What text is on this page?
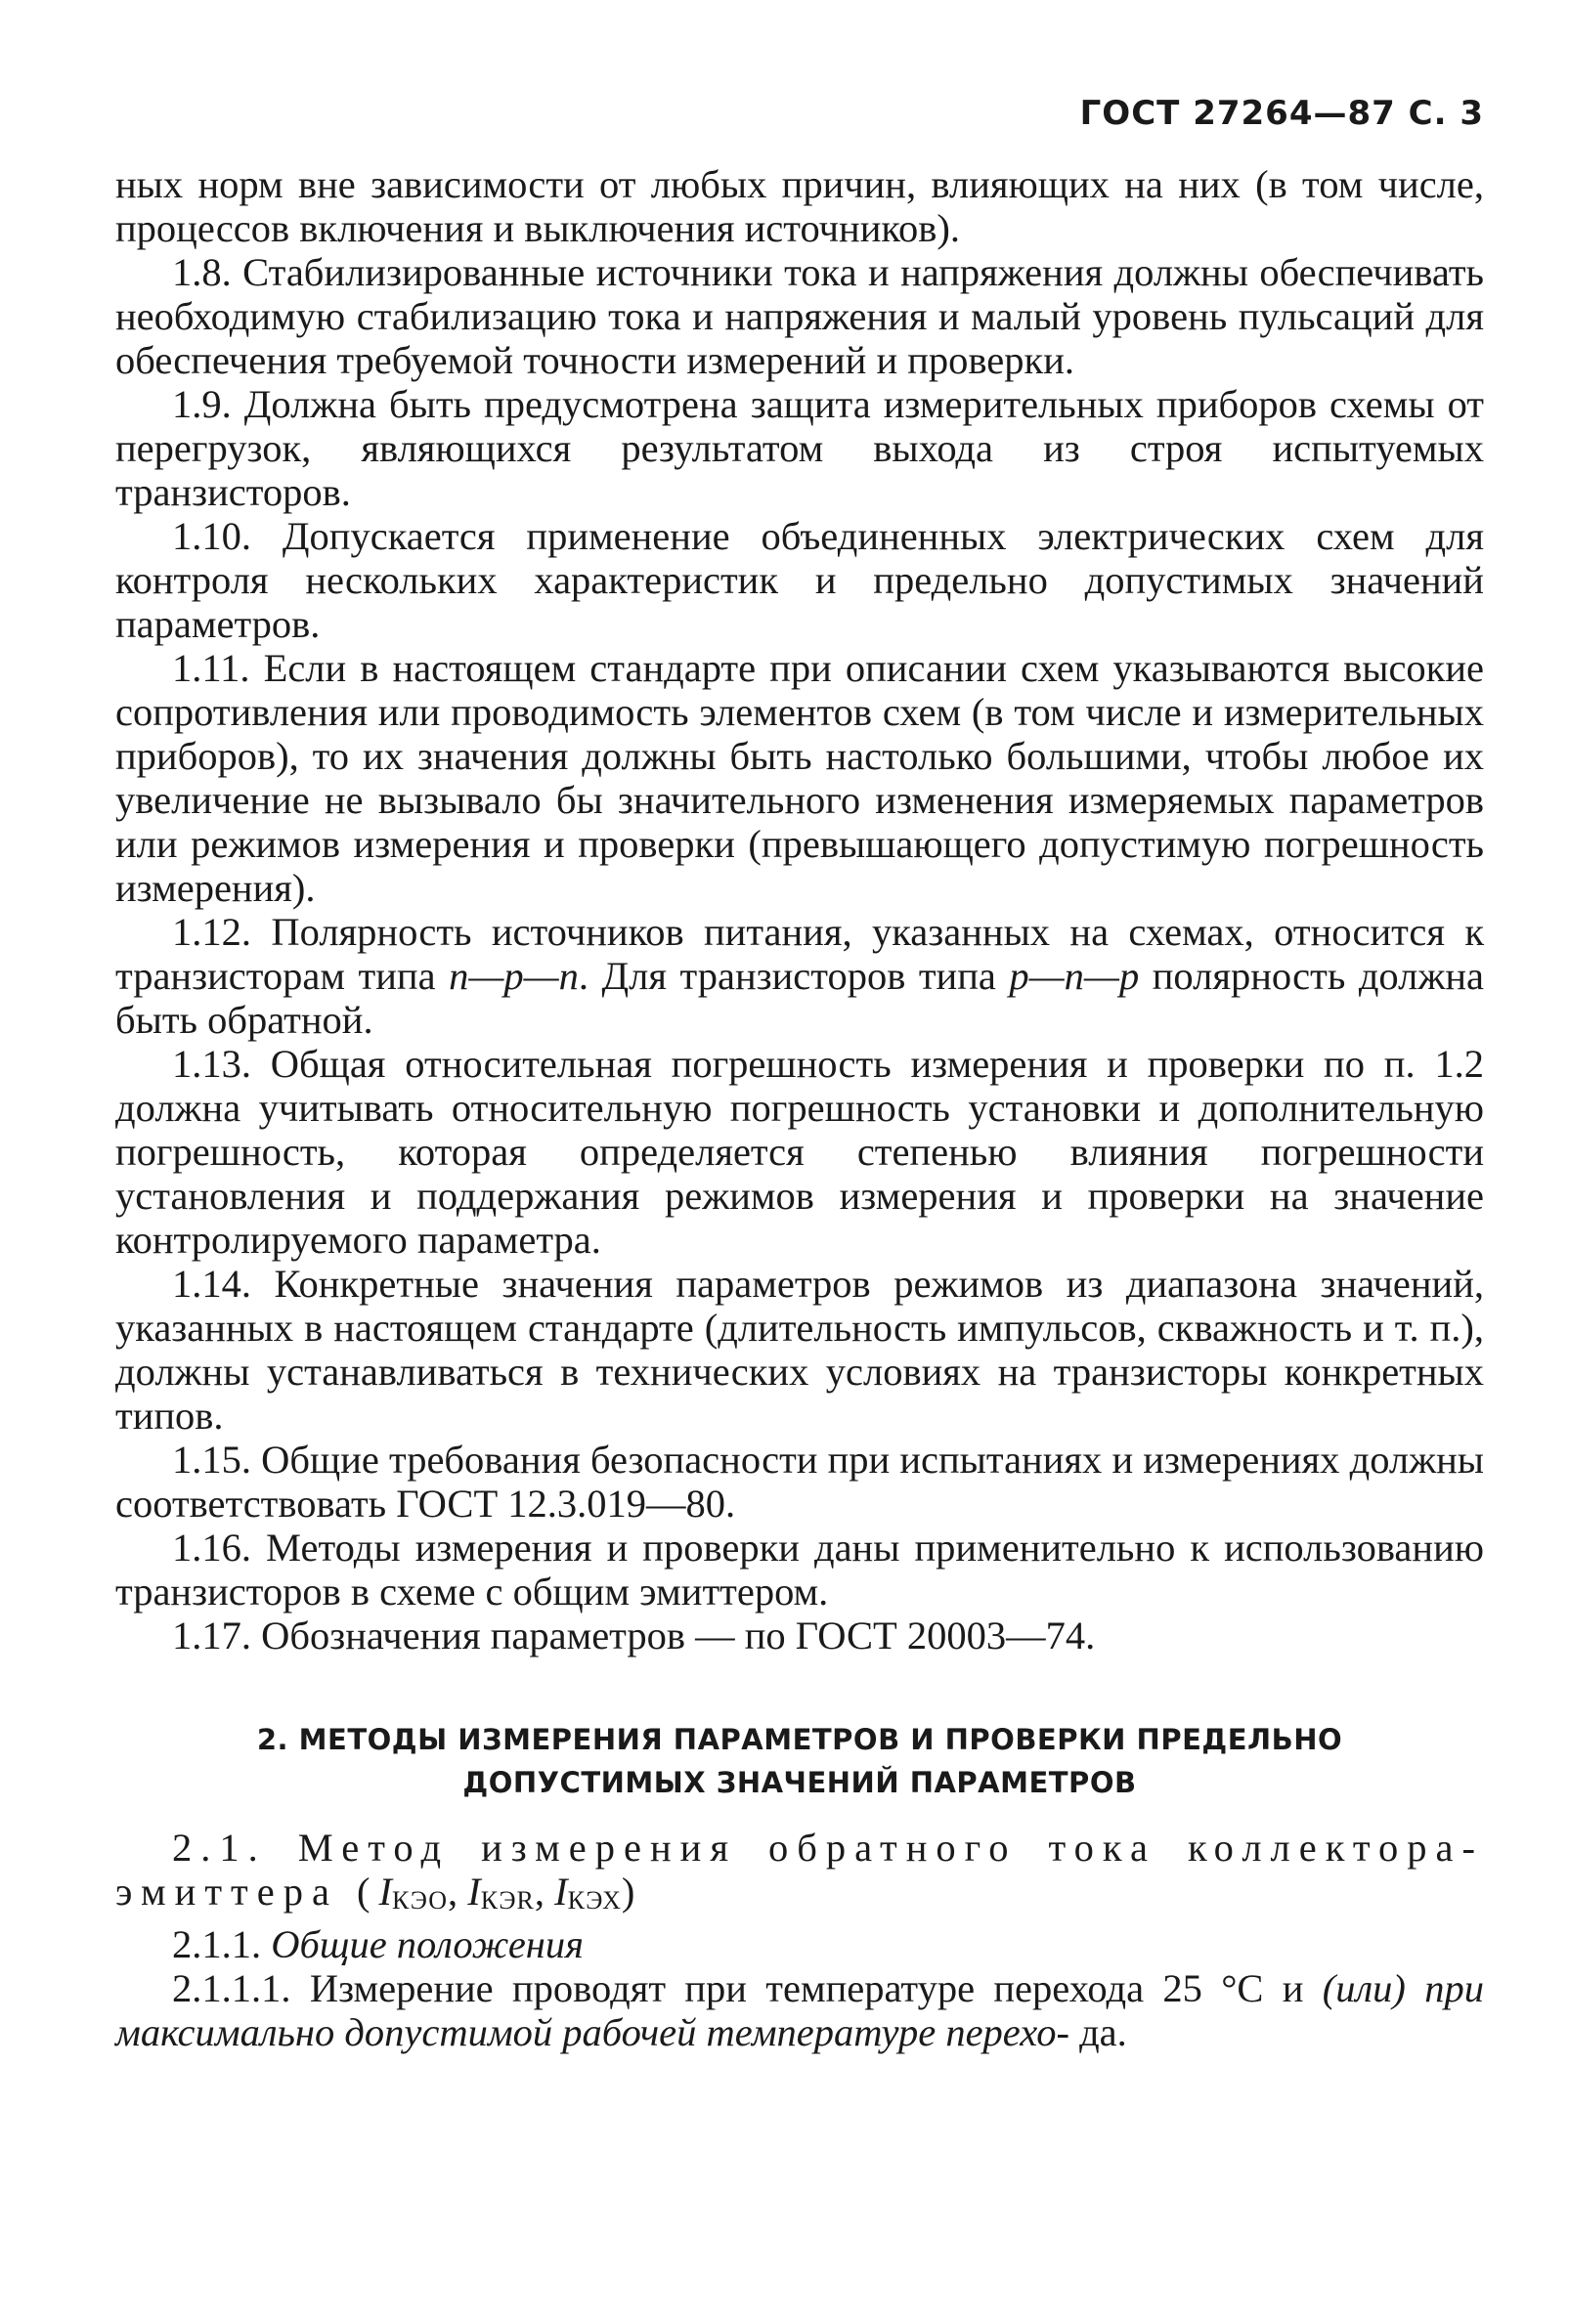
ГОСТ 27264—87 С. 3

ных норм вне зависимости от любых причин, влияющих на них (в том числе, процессов включения и выключения источников).

1.8. Стабилизированные источники тока и напряжения должны обеспечивать необходимую стабилизацию тока и напряжения и малый уровень пульсаций для обеспечения требуемой точности измерений и проверки.

1.9. Должна быть предусмотрена защита измерительных приборов схемы от перегрузок, являющихся результатом выхода из строя испытуемых транзисторов.

1.10. Допускается применение объединенных электрических схем для контроля нескольких характеристик и предельно допустимых значений параметров.

1.11. Если в настоящем стандарте при описании схем указываются высокие сопротивления или проводимость элементов схем (в том числе и измерительных приборов), то их значения должны быть настолько большими, чтобы любое их увеличение не вызывало бы значительного изменения измеряемых параметров или режимов измерения и проверки (превышающего допустимую погрешность измерения).

1.12. Полярность источников питания, указанных на схемах, относится к транзисторам типа n—p—n. Для транзисторов типа p—n—p полярность должна быть обратной.

1.13. Общая относительная погрешность измерения и проверки по п. 1.2 должна учитывать относительную погрешность установки и дополнительную погрешность, которая определяется степенью влияния погрешности установления и поддержания режимов измерения и проверки на значение контролируемого параметра.

1.14. Конкретные значения параметров режимов из диапазона значений, указанных в настоящем стандарте (длительность импульсов, скважность и т. п.), должны устанавливаться в технических условиях на транзисторы конкретных типов.

1.15. Общие требования безопасности при испытаниях и измерениях должны соответствовать ГОСТ 12.3.019—80.

1.16. Методы измерения и проверки даны применительно к использованию транзисторов в схеме с общим эмиттером.

1.17. Обозначения параметров — по ГОСТ 20003—74.

2. МЕТОДЫ ИЗМЕРЕНИЯ ПАРАМЕТРОВ И ПРОВЕРКИ ПРЕДЕЛЬНО
ДОПУСТИМЫХ ЗНАЧЕНИЙ ПАРАМЕТРОВ

2.1. Метод измерения обратного тока коллектора-эмиттера (IКЭО, IКЭR, IКЭХ)

2.1.1. Общие положения

2.1.1.1. Измерение проводят при температуре перехода 25 °С и (или) при максимально допустимой рабочей температуре перехо- да.
